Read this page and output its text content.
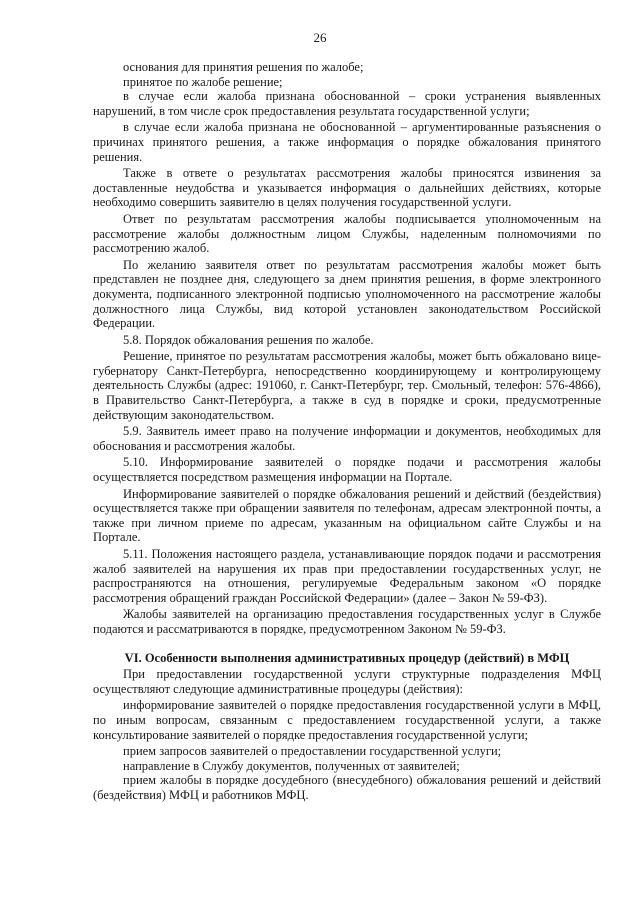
26

основания для принятия решения по жалобе;

принятое по жалобе решение;

в случае если жалоба признана обоснованной – сроки устранения выявленных нарушений, в том числе срок предоставления результата государственной услуги;

в случае если жалоба признана не обоснованной – аргументированные разъяснения о причинах принятого решения, а также информация о порядке обжалования принятого решения.

Также в ответе о результатах рассмотрения жалобы приносятся извинения за доставленные неудобства и указывается информация о дальнейших действиях, которые необходимо совершить заявителю в целях получения государственной услуги.

Ответ по результатам рассмотрения жалобы подписывается уполномоченным на рассмотрение жалобы должностным лицом Службы, наделенным полномочиями по рассмотрению жалоб.

По желанию заявителя ответ по результатам рассмотрения жалобы может быть представлен не позднее дня, следующего за днем принятия решения, в форме электронного документа, подписанного электронной подписью уполномоченного на рассмотрение жалобы должностного лица Службы, вид которой установлен законодательством Российской Федерации.

5.8. Порядок обжалования решения по жалобе.

Решение, принятое по результатам рассмотрения жалобы, может быть обжаловано вице-губернатору Санкт-Петербурга, непосредственно координирующему и контролирующему деятельность Службы (адрес: 191060, г. Санкт-Петербург, тер. Смольный, телефон: 576-4866), в Правительство Санкт-Петербурга, а также в суд в порядке и сроки, предусмотренные действующим законодательством.

5.9. Заявитель имеет право на получение информации и документов, необходимых для обоснования и рассмотрения жалобы.

5.10. Информирование заявителей о порядке подачи и рассмотрения жалобы осуществляется посредством размещения информации на Портале.

Информирование заявителей о порядке обжалования решений и действий (бездействия) осуществляется также при обращении заявителя по телефонам, адресам электронной почты, а также при личном приеме по адресам, указанным на официальном сайте Службы и на Портале.

5.11. Положения настоящего раздела, устанавливающие порядок подачи и рассмотрения жалоб заявителей на нарушения их прав при предоставлении государственных услуг, не распространяются на отношения, регулируемые Федеральным законом «О порядке рассмотрения обращений граждан Российской Федерации» (далее – Закон № 59-ФЗ).

Жалобы заявителей на организацию предоставления государственных услуг в Службе подаются и рассматриваются в порядке, предусмотренном Законом № 59-ФЗ.

VI. Особенности выполнения административных процедур (действий) в МФЦ

При предоставлении государственной услуги структурные подразделения МФЦ осуществляют следующие административные процедуры (действия):

информирование заявителей о порядке предоставления государственной услуги в МФЦ, по иным вопросам, связанным с предоставлением государственной услуги, а также консультирование заявителей о порядке предоставления государственной услуги;

прием запросов заявителей о предоставлении государственной услуги;

направление в Службу документов, полученных от заявителей;

прием жалобы в порядке досудебного (внесудебного) обжалования решений и действий (бездействия) МФЦ и работников МФЦ.
